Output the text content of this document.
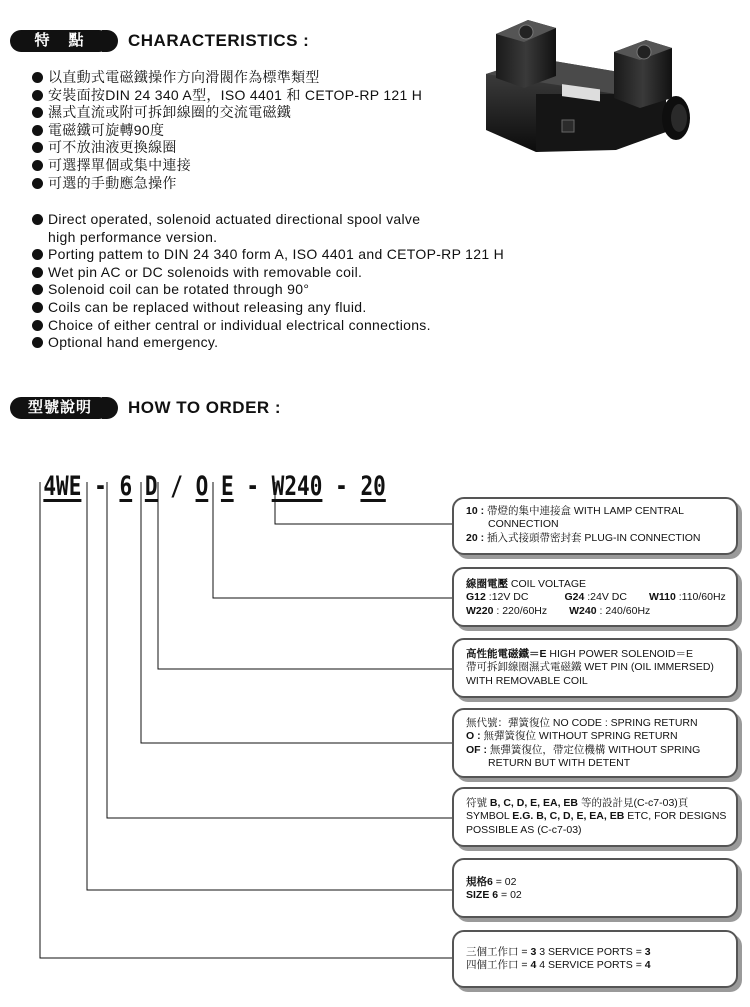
特　點	CHARACTERISTICS :
以直動式電磁鐵操作方向滑閥作為標準類型
安裝面按DIN 24 340 A型，ISO 4401 和 CETOP-RP 121 H
濕式直流或附可拆卸線圈的交流電磁鐵
電磁鐵可旋轉90度
可不放油液更換線圈
可選擇單個或集中連接
可選的手動應急操作
Direct operated, solenoid actuated directional spool valve
high performance version.
Porting pattem to DIN 24 340 form A, ISO 4401 and CETOP-RP 121 H
Wet pin AC or DC solenoids with removable coil.
Solenoid coil can be rotated through 90°
Coils can be replaced without releasing any fluid.
Choice of either central or individual electrical connections.
Optional hand emergency.
型號說明	HOW TO ORDER :

4WE - 6 D / O E - W240 - 20

10 : 帶燈的集中連接盒 WITH LAMP CENTRAL
CONNECTION
20 : 插入式接頭帶密封套 PLUG-IN CONNECTION
線圈電壓 COIL VOLTAGE
G12 :12V DC	G24 :24V DC W110 :110/60Hz
W220 : 220/60Hz W240 : 240/60Hz
高性能電磁鐵＝E HIGH POWER SOLENOID＝E
帶可拆卸線圈濕式電磁鐵 WET PIN (OIL IMMERSED)
WITH REMOVABLE COIL
無代號：彈簧復位 NO CODE : SPRING RETURN
O : 無彈簧復位 WITHOUT SPRING RETURN
OF : 無彈簧復位，帶定位機構 WITHOUT SPRING
RETURN BUT WITH DETENT
符號 B, C, D, E, EA, EB 等的設計見(C-c7-03)頁
SYMBOL E.G. B, C, D, E, EA, EB ETC, FOR DESIGNS
POSSIBLE AS (C-c7-03)
規格6 = 02
SIZE 6 = 02
三個工作口 = 3 3 SERVICE PORTS = 3
四個工作口 = 4 4 SERVICE PORTS = 4
